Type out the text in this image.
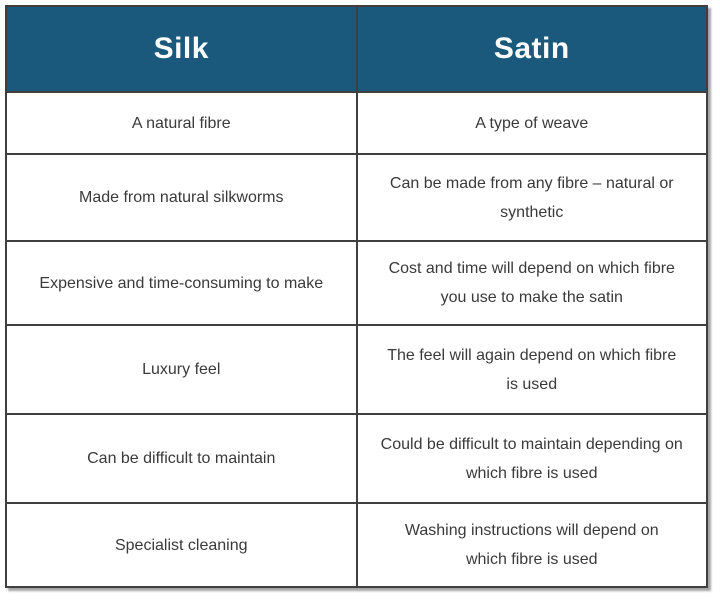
Silk	Satin

A natural fibre	A type of weave

Made from natural silkworms	Can be made from any fibre – natural or synthetic

Expensive and time-consuming to make	Cost and time will depend on which fibre you use to make the satin

Luxury feel	The feel will again depend on which fibre is used

Can be difficult to maintain	Could be difficult to maintain depending on which fibre is used

Specialist cleaning	Washing instructions will depend on which fibre is used
